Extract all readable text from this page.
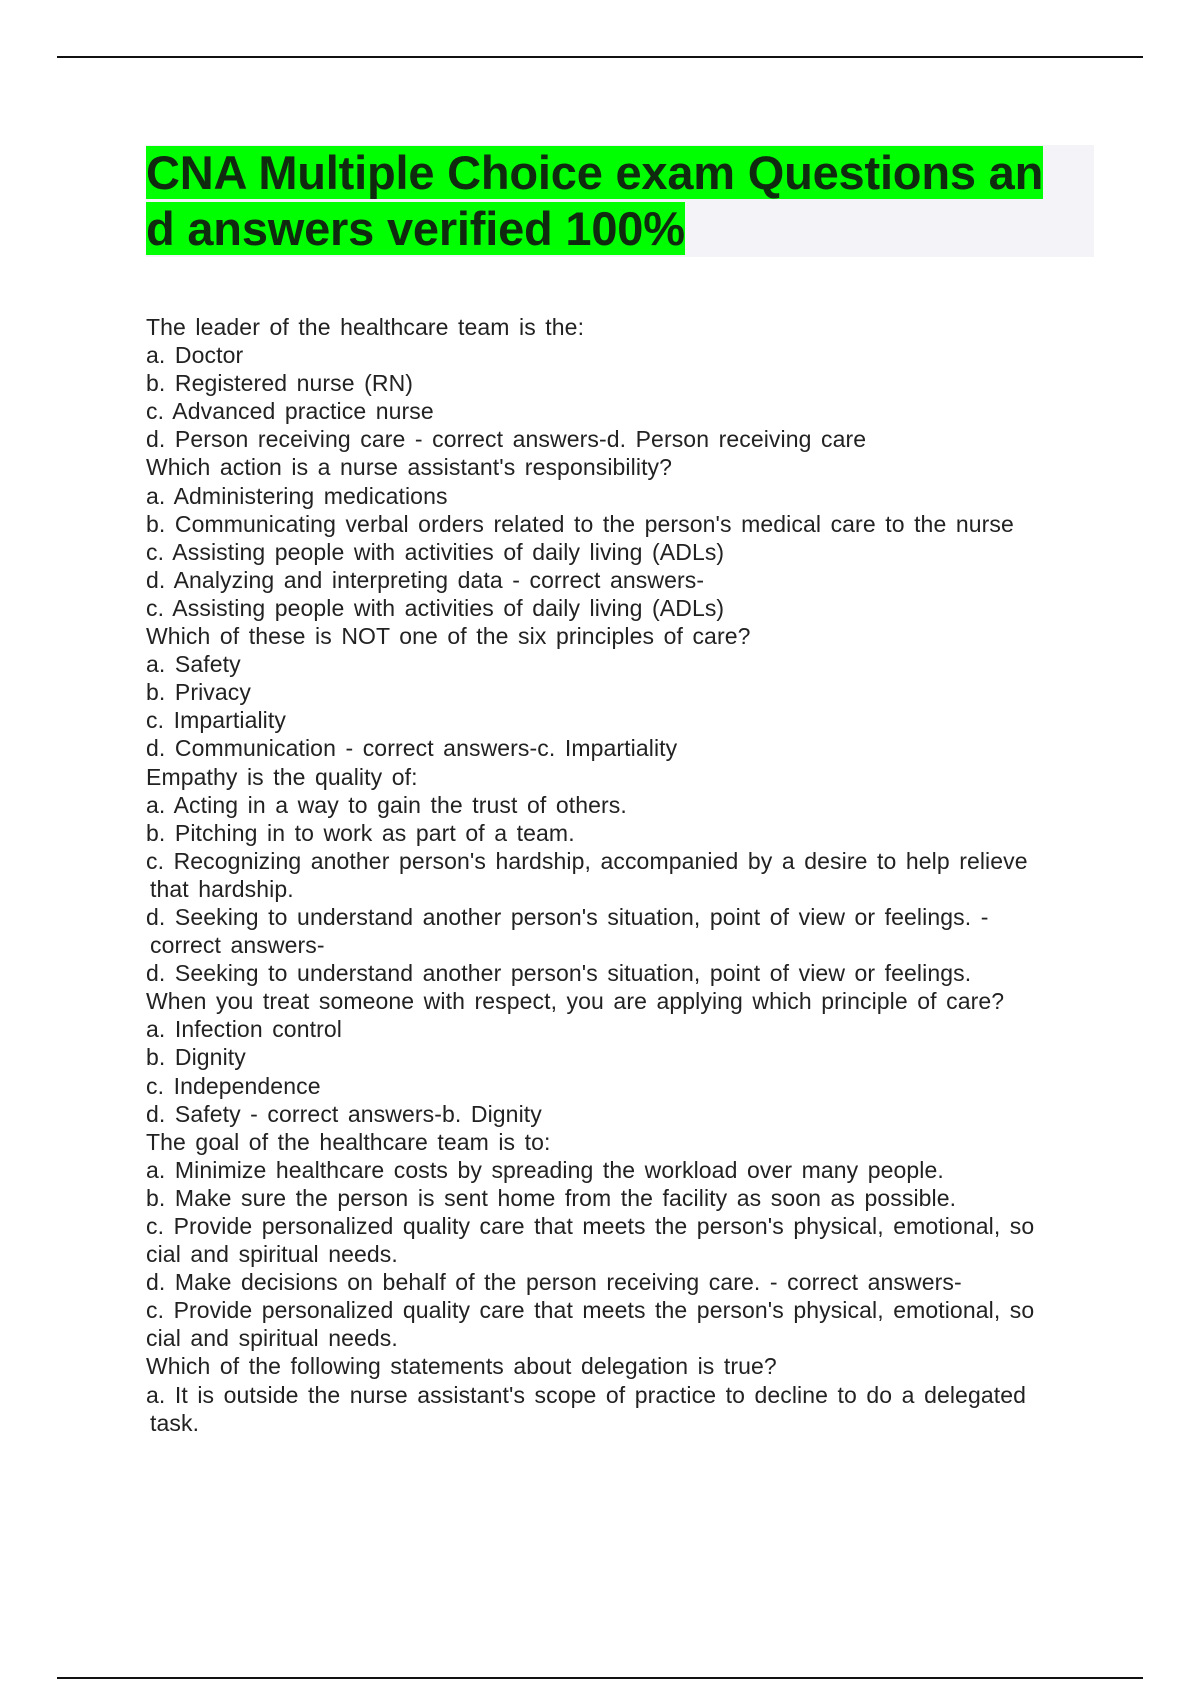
CNA Multiple Choice exam Questions an
d answers verified 100%

The leader of the healthcare team is the:
a. Doctor
b. Registered nurse (RN)
c. Advanced practice nurse
d. Person receiving care - correct answers-d. Person receiving care
Which action is a nurse assistant's responsibility?
a. Administering medications
b. Communicating verbal orders related to the person's medical care to the nurse
c. Assisting people with activities of daily living (ADLs)
d. Analyzing and interpreting data - correct answers-
c. Assisting people with activities of daily living (ADLs)
Which of these is NOT one of the six principles of care?
a. Safety
b. Privacy
c. Impartiality
d. Communication - correct answers-c. Impartiality
Empathy is the quality of:
a. Acting in a way to gain the trust of others.
b. Pitching in to work as part of a team.
c. Recognizing another person's hardship, accompanied by a desire to help relieve
that hardship.
d. Seeking to understand another person's situation, point of view or feelings. -
correct answers-
d. Seeking to understand another person's situation, point of view or feelings.
When you treat someone with respect, you are applying which principle of care?
a. Infection control
b. Dignity
c. Independence
d. Safety - correct answers-b. Dignity
The goal of the healthcare team is to:
a. Minimize healthcare costs by spreading the workload over many people.
b. Make sure the person is sent home from the facility as soon as possible.
c. Provide personalized quality care that meets the person's physical, emotional, so
cial and spiritual needs.
d. Make decisions on behalf of the person receiving care. - correct answers-
c. Provide personalized quality care that meets the person's physical, emotional, so
cial and spiritual needs.
Which of the following statements about delegation is true?
a. It is outside the nurse assistant's scope of practice to decline to do a delegated
task.
